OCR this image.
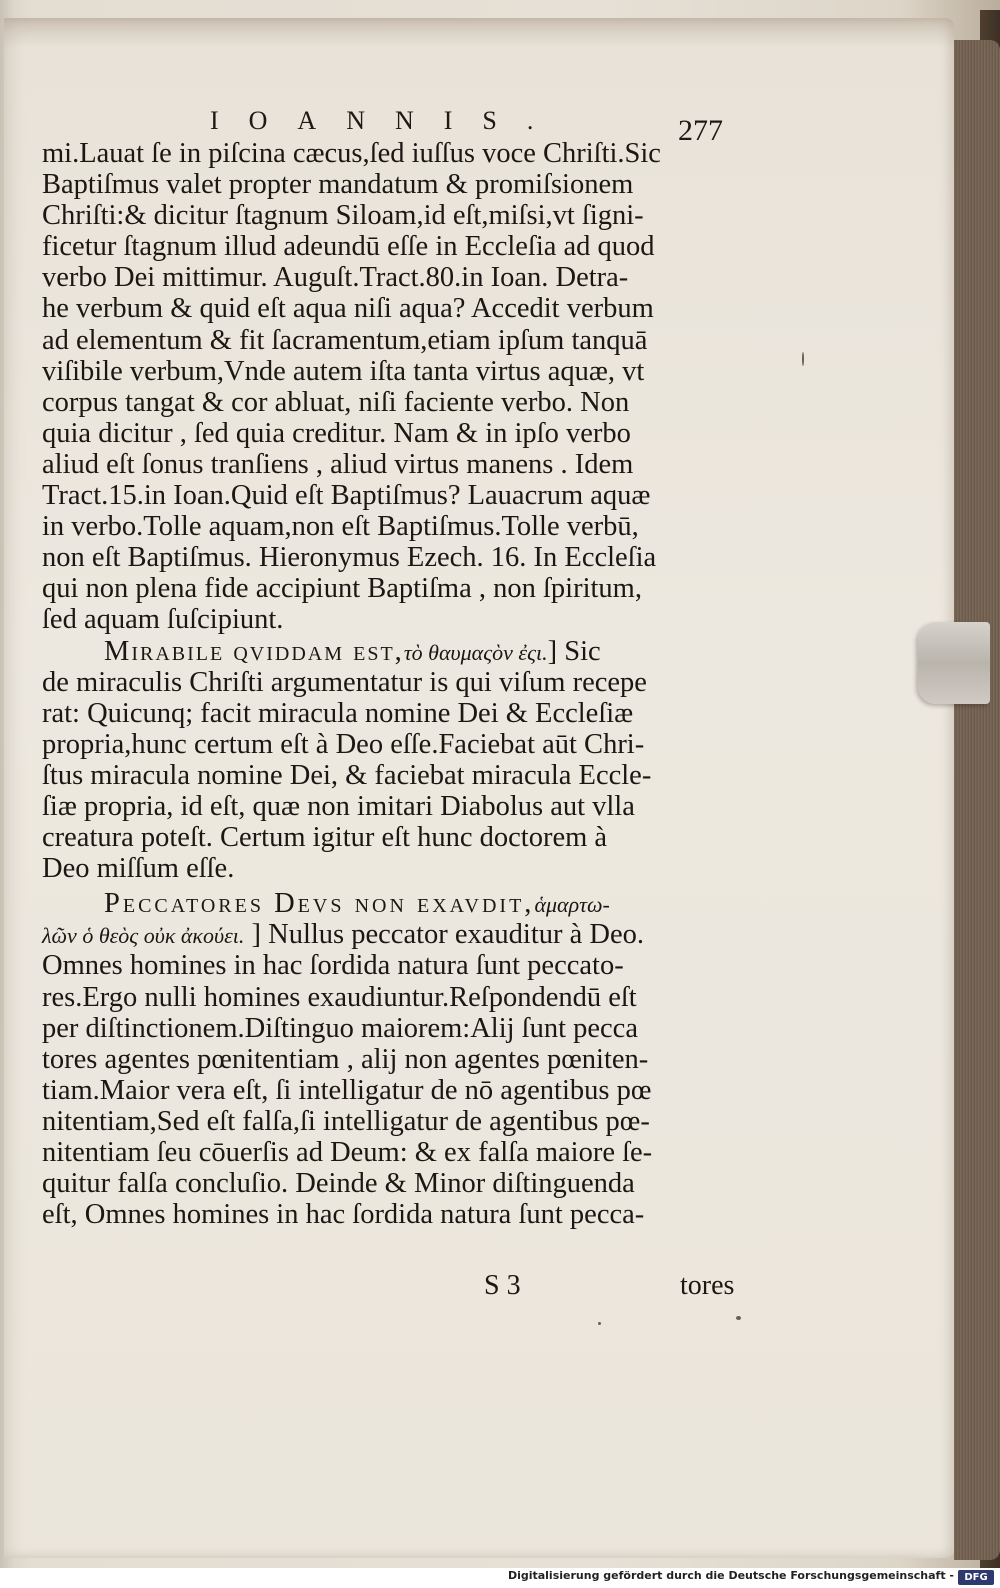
IOANNIS.	277
mi.Lauat ſe in piſcina cæcus,ſed iuſſus voce Chriſti.Sic
Baptiſmus valet propter mandatum & promiſsionem
Chriſti:& dicitur ſtagnum Siloam,id eſt,miſsi,vt ſigni-
ficetur ſtagnum illud adeundū eſſe in Eccleſia ad quod
verbo Dei mittimur. Auguſt.Tract.80.in Ioan. Detra-
he verbum & quid eſt aqua niſi aqua? Accedit verbum
ad elementum & fit ſacramentum,etiam ipſum tanquā
viſibile verbum,Vnde autem iſta tanta virtus aquæ, vt
corpus tangat & cor abluat, niſi faciente verbo. Non
quia dicitur , ſed quia creditur. Nam & in ipſo verbo
aliud eſt ſonus tranſiens , aliud virtus manens . Idem
Tract.15.in Ioan.Quid eſt Baptiſmus? Lauacrum aquæ
in verbo.Tolle aquam,non eſt Baptiſmus.Tolle verbū,
non eſt Baptiſmus. Hieronymus Ezech. 16. In Eccleſia
qui non plena fide accipiunt Baptiſma , non ſpiritum,
ſed aquam ſuſcipiunt.
Mirabile qviddam est,τὸ θαυμαςὸν ἐςι.] Sic
de miraculis Chriſti argumentatur is qui viſum recepe
rat: Quicunq; facit miracula nomine Dei & Eccleſiæ
propria,hunc certum eſt à Deo eſſe.Faciebat aūt Chri-
ſtus miracula nomine Dei, & faciebat miracula Eccle-
ſiæ propria, id eſt, quæ non imitari Diabolus aut vlla
creatura poteſt. Certum igitur eſt hunc doctorem à
Deo miſſum eſſe.
Peccatores Devs non exavdit,ἁμαρτω-
λῶν ὁ θεὸς οὐκ ἀκούει. ] Nullus peccator exauditur à Deo.
Omnes homines in hac ſordida natura ſunt peccato-
res.Ergo nulli homines exaudiuntur.Reſpondendū eſt
per diſtinctionem.Diſtinguo maiorem:Alij ſunt pecca
tores agentes pœnitentiam , alij non agentes pœniten-
tiam.Maior vera eſt, ſi intelligatur de nō agentibus pœ
nitentiam,Sed eſt falſa,ſi intelligatur de agentibus pœ-
nitentiam ſeu cōuerſis ad Deum: & ex falſa maiore ſe-
quitur falſa concluſio. Deinde & Minor diſtinguenda
eſt, Omnes homines in hac ſordida natura ſunt pecca-
S 3	tores
Digitalisierung gefördert durch die Deutsche Forschungsgemeinschaft -	DFG
